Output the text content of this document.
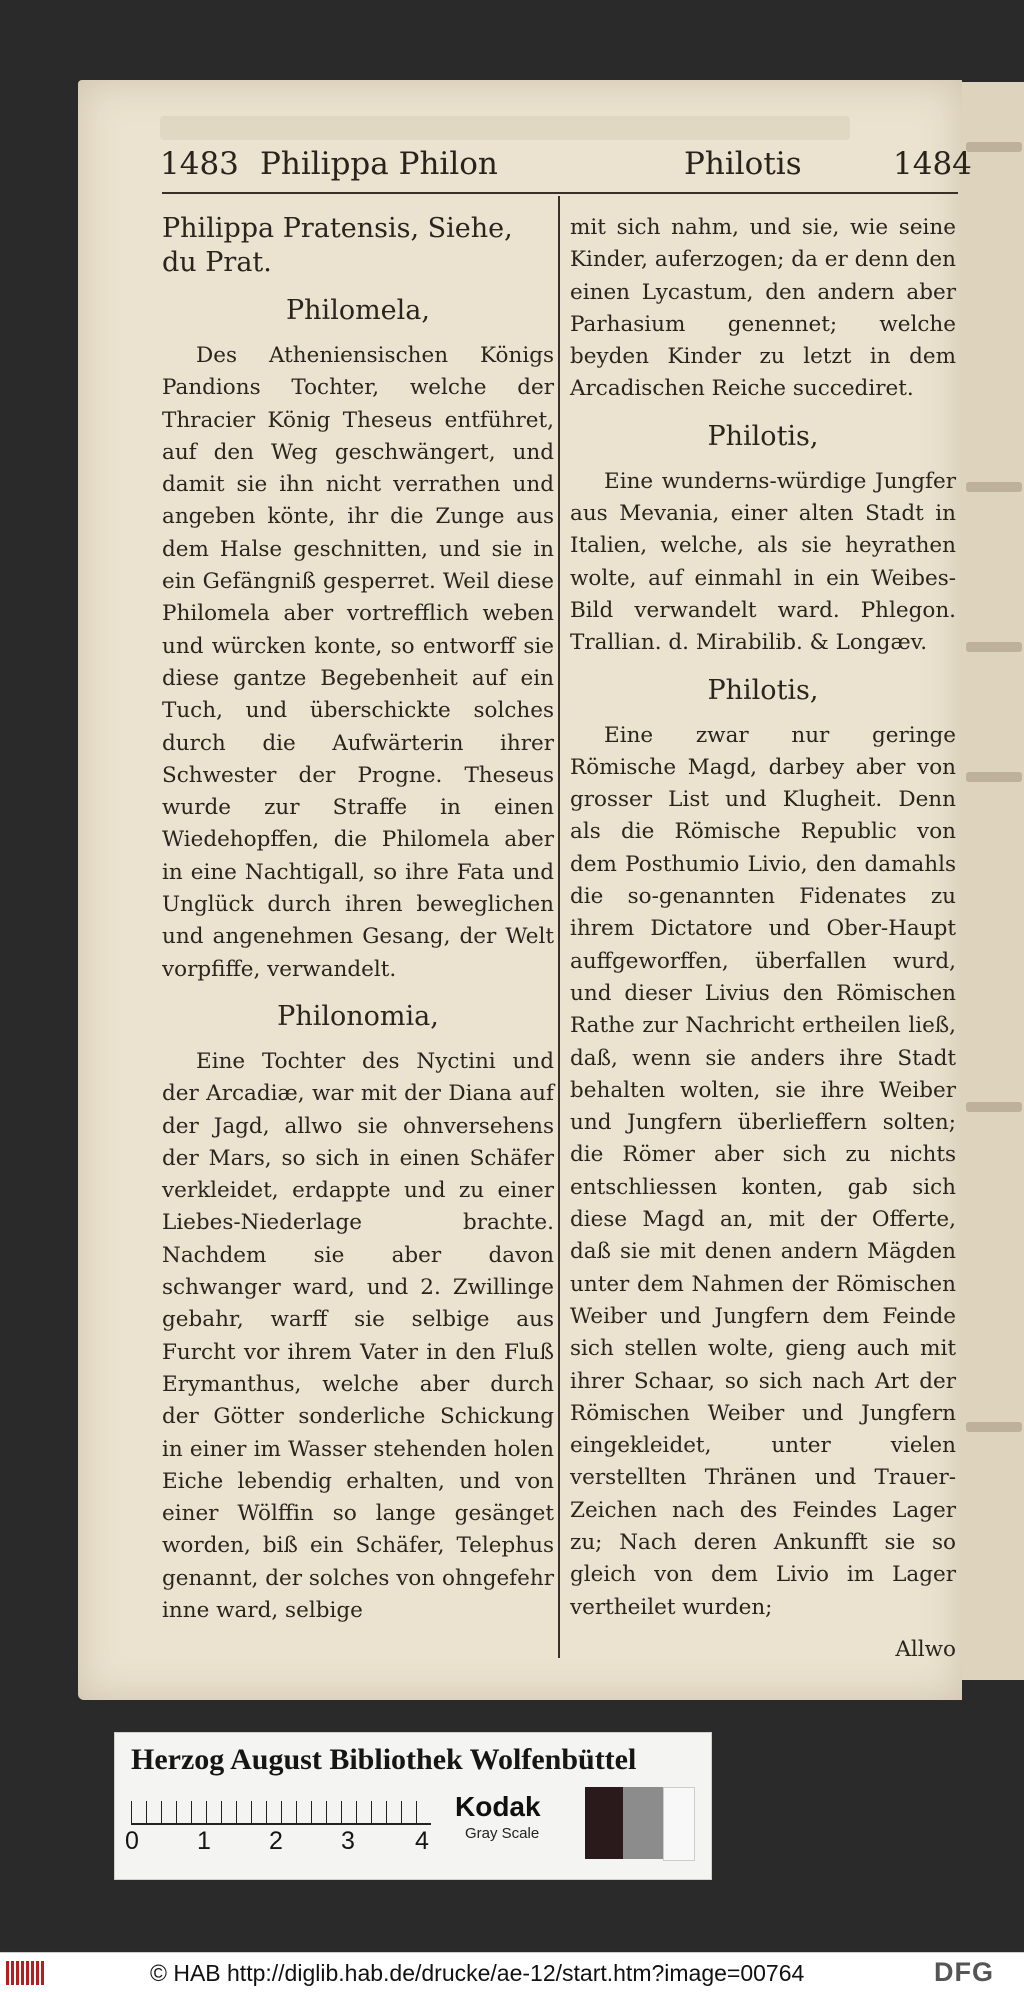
1483 Philippa Philon	Philotis	1484
Philippa Pratensis, Siehe, du Prat.
Philomela,

Des Atheniensischen Königs Pandions Tochter, welche der Thracier König Theseus entführet, auf den Weg geschwängert, und damit sie ihn nicht verrathen und angeben könte, ihr die Zunge aus dem Halse geschnitten, und sie in ein Gefängniß gesperret. Weil diese Philomela aber vortrefflich weben und würcken konte, so entworff sie diese gantze Begebenheit auf ein Tuch, und überschickte solches durch die Aufwärterin ihrer Schwester der Progne. Theseus wurde zur Straffe in einen Wiedehopffen, die Philomela aber in eine Nachtigall, so ihre Fata und Unglück durch ihren beweglichen und angenehmen Gesang, der Welt vorpfiffe, verwandelt.

Philonomia,

Eine Tochter des Nyctini und der Arcadiæ, war mit der Diana auf der Jagd, allwo sie ohnversehens der Mars, so sich in einen Schäfer verkleidet, erdappte und zu einer Liebes-Niederlage brachte. Nachdem sie aber davon schwanger ward, und 2. Zwillinge gebahr, warff sie selbige aus Furcht vor ihrem Vater in den Fluß Erymanthus, welche aber durch der Götter sonderliche Schickung in einer im Wasser stehenden holen Eiche lebendig erhalten, und von einer Wölffin so lange gesänget worden, biß ein Schäfer, Telephus genannt, der solches von ohngefehr inne ward, selbige

mit sich nahm, und sie, wie seine Kinder, auferzogen; da er denn den einen Lycastum, den andern aber Parhasium genennet; welche beyden Kinder zu letzt in dem Arcadischen Reiche succediret.

Philotis,

Eine wunderns-würdige Jungfer aus Mevania, einer alten Stadt in Italien, welche, als sie heyrathen wolte, auf einmahl in ein Weibes-Bild verwandelt ward. Phlegon. Trallian. d. Mirabilib. & Longæv.

Philotis,

Eine zwar nur geringe Römische Magd, darbey aber von grosser List und Klugheit. Denn als die Römische Republic von dem Posthumio Livio, den damahls die so-genannten Fidenates zu ihrem Dictatore und Ober-Haupt auffgeworffen, überfallen wurd, und dieser Livius den Römischen Rathe zur Nachricht ertheilen ließ, daß, wenn sie anders ihre Stadt behalten wolten, sie ihre Weiber und Jungfern überlieffern solten; die Römer aber sich zu nichts entschliessen konten, gab sich diese Magd an, mit der Offerte, daß sie mit denen andern Mägden unter dem Nahmen der Römischen Weiber und Jungfern dem Feinde sich stellen wolte, gieng auch mit ihrer Schaar, so sich nach Art der Römischen Weiber und Jungfern eingekleidet, unter vielen verstellten Thränen und Trauer-Zeichen nach des Feindes Lager zu; Nach deren Ankunfft sie so gleich von dem Livio im Lager vertheilet wurden;

Allwo

Herzog August Bibliothek Wolfenbüttel
0 1 2 3 4
Kodak
Gray Scale
© HAB http://diglib.hab.de/drucke/ae-12/start.htm?image=00764	DFG
